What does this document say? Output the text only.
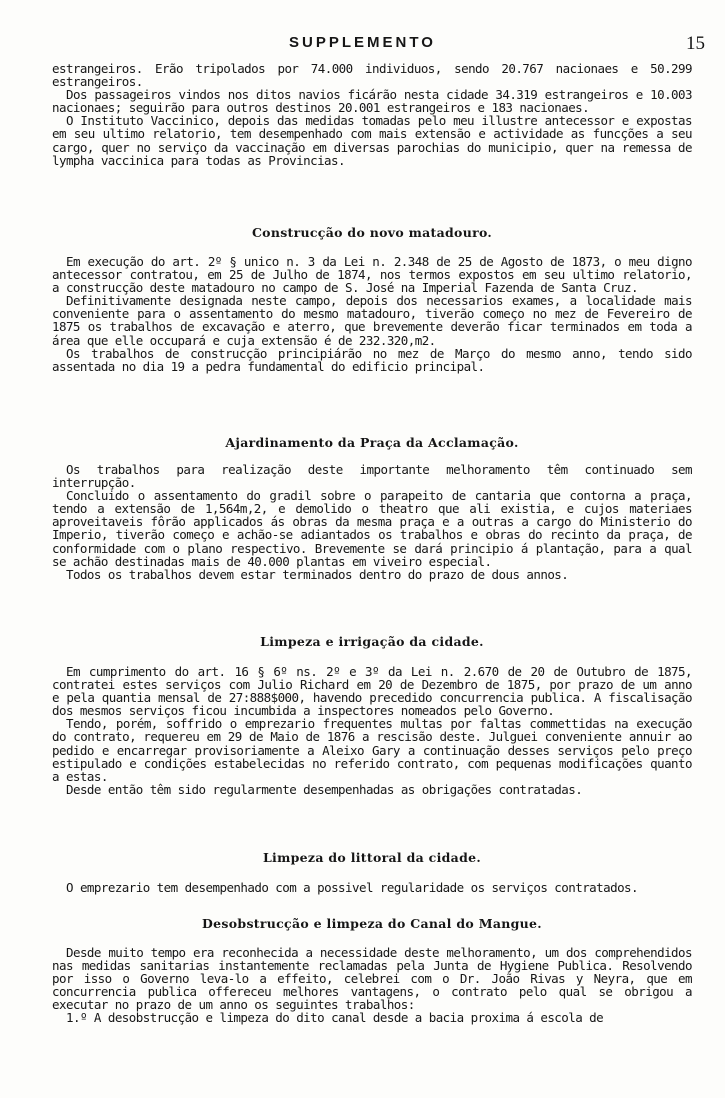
SUPPLEMENTO	15

estrangeiros. Erão tripolados por 74.000 individuos, sendo 20.767 nacionaes e 50.299 estrangeiros.

Dos passageiros vindos nos ditos navios ficárão nesta cidade 34.319 estrangeiros e 10.003 nacionaes; seguirão para outros destinos 20.001 estrangeiros e 183 nacionaes.

O Instituto Vaccinico, depois das medidas tomadas pelo meu illustre antecessor e expostas em seu ultimo relatorio, tem desempenhado com mais extensão e actividade as funcções a seu cargo, quer no serviço da vaccinação em diversas parochias do municipio, quer na remessa de lympha vaccinica para todas as Provincias.

Construcção do novo matadouro.

Em execução do art. 2º § unico n. 3 da Lei n. 2.348 de 25 de Agosto de 1873, o meu digno antecessor contratou, em 25 de Julho de 1874, nos termos expostos em seu ultimo relatorio, a construcção deste matadouro no campo de S. José na Imperial Fazenda de Santa Cruz.

Definitivamente designada neste campo, depois dos necessarios exames, a localidade mais conveniente para o assentamento do mesmo matadouro, tiverão começo no mez de Fevereiro de 1875 os trabalhos de excavação e aterro, que brevemente deverão ficar terminados em toda a área que elle occupará e cuja extensão é de 232.320,m2.

Os trabalhos de construcção principiárão no mez de Março do mesmo anno, tendo sido assentada no dia 19 a pedra fundamental do edificio principal.

Ajardinamento da Praça da Acclamação.

Os trabalhos para realização deste importante melhoramento têm continuado sem interrupção.

Concluido o assentamento do gradil sobre o parapeito de cantaria que contorna a praça, tendo a extensão de 1,564m,2, e demolido o theatro que ali existia, e cujos materiaes aproveitaveis fôrão applicados ás obras da mesma praça e a outras a cargo do Ministerio do Imperio, tiverão começo e achão-se adiantados os trabalhos e obras do recinto da praça, de conformidade com o plano respectivo. Brevemente se dará principio á plantação, para a qual se achão destinadas mais de 40.000 plantas em viveiro especial.

Todos os trabalhos devem estar terminados dentro do prazo de dous annos.

Limpeza e irrigação da cidade.

Em cumprimento do art. 16 § 6º ns. 2º e 3º da Lei n. 2.670 de 20 de Outubro de 1875, contratei estes serviços com Julio Richard em 20 de Dezembro de 1875, por prazo de um anno e pela quantia mensal de 27:888$000, havendo precedido concurrencia publica. A fiscalisação dos mesmos serviços ficou incumbida a inspectores nomeados pelo Governo.

Tendo, porém, soffrido o emprezario frequentes multas por faltas commettidas na execução do contrato, requereu em 29 de Maio de 1876 a rescisão deste. Julguei conveniente annuir ao pedido e encarregar provisoriamente a Aleixo Gary a continuação desses serviços pelo preço estipulado e condições estabelecidas no referido contrato, com pequenas modificações quanto a estas.

Desde então têm sido regularmente desempenhadas as obrigações contratadas.

Limpeza do littoral da cidade.

O emprezario tem desempenhado com a possivel regularidade os serviços contratados.

Desobstrucção e limpeza do Canal do Mangue.

Desde muito tempo era reconhecida a necessidade deste melhoramento, um dos comprehendidos nas medidas sanitarias instantemente reclamadas pela Junta de Hygiene Publica. Resolvendo por isso o Governo leva-lo a effeito, celebrei com o Dr. João Rivas y Neyra, que em concurrencia publica offereceu melhores vantagens, o contrato pelo qual se obrigou a executar no prazo de um anno os seguintes trabalhos:

1.º A desobstrucção e limpeza do dito canal desde a bacia proxima á escola de
